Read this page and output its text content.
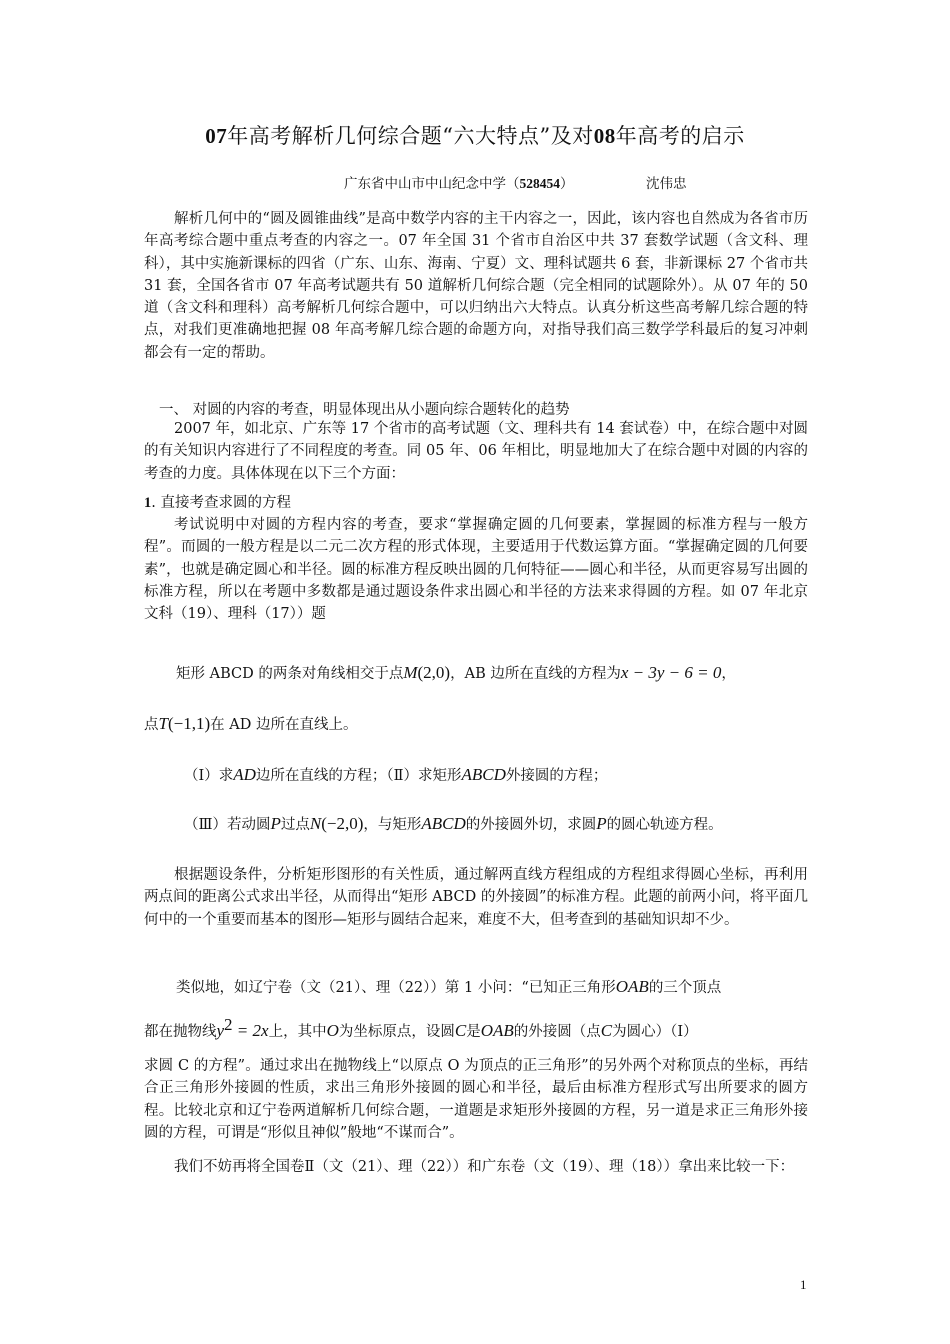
07年高考解析几何综合题“六大特点”及对08年高考的启示
广东省中山市中山纪念中学（528454）	沈伟忠
解析几何中的“圆及圆锥曲线”是高中数学内容的主干内容之一，因此，该内容也自然成为各省市历年高考综合题中重点考查的内容之一。07 年全国 31 个省市自治区中共 37 套数学试题（含文科、理科），其中实施新课标的四省（广东、山东、海南、宁夏）文、理科试题共 6 套，非新课标 27 个省市共 31 套，全国各省市 07 年高考试题共有 50 道解析几何综合题（完全相同的试题除外）。从 07 年的 50 道（含文科和理科）高考解析几何综合题中，可以归纳出六大特点。认真分析这些高考解几综合题的特点，对我们更准确地把握 08 年高考解几综合题的命题方向，对指导我们高三数学学科最后的复习冲刺都会有一定的帮助。
一、 对圆的内容的考查，明显体现出从小题向综合题转化的趋势
2007 年，如北京、广东等 17 个省市的高考试题（文、理科共有 14 套试卷）中，在综合题中对圆的有关知识内容进行了不同程度的考查。同 05 年、06 年相比，明显地加大了在综合题中对圆的内容的考查的力度。具体体现在以下三个方面：
1. 直接考查求圆的方程
考试说明中对圆的方程内容的考查，要求“掌握确定圆的几何要素，掌握圆的标准方程与一般方程”。而圆的一般方程是以二元二次方程的形式体现，主要适用于代数运算方面。“掌握确定圆的几何要素”，也就是确定圆心和半径。圆的标准方程反映出圆的几何特征——圆心和半径，从而更容易写出圆的标准方程，所以在考题中多数都是通过题设条件求出圆心和半径的方法来求得圆的方程。如 07 年北京文科（19）、理科（17））题
矩形 ABCD 的两条对角线相交于点M(2,0)，AB 边所在直线的方程为x − 3y − 6 = 0，
点T(−1,1)在 AD 边所在直线上。
（Ⅰ）求AD边所在直线的方程；（Ⅱ）求矩形ABCD外接圆的方程；
（Ⅲ）若动圆P过点N(−2,0)，与矩形ABCD的外接圆外切，求圆P的圆心轨迹方程。
根据题设条件，分析矩形图形的有关性质，通过解两直线方程组成的方程组求得圆心坐标，再利用两点间的距离公式求出半径，从而得出“矩形 ABCD 的外接圆”的标准方程。此题的前两小问，将平面几何中的一个重要而基本的图形—矩形与圆结合起来，难度不大，但考查到的基础知识却不少。
类似地，如辽宁卷（文（21）、理（22））第 1 小问：“已知正三角形OAB的三个顶点
都在抛物线$y^2 = 2x$上，其中O为坐标原点，设圆C是OAB的外接圆（点C为圆心）（Ⅰ）
求圆 C 的方程”。通过求出在抛物线上“以原点 O 为顶点的正三角形”的另外两个对称顶点的坐标，再结合正三角形外接圆的性质，求出三角形外接圆的圆心和半径，最后由标准方程形式写出所要求的圆方程。比较北京和辽宁卷两道解析几何综合题，一道题是求矩形外接圆的方程，另一道是求正三角形外接圆的方程，可谓是“形似且神似”般地“不谋而合”。
我们不妨再将全国卷Ⅱ（文（21）、理（22））和广东卷（文（19）、理（18））拿出来比较一下：
1
